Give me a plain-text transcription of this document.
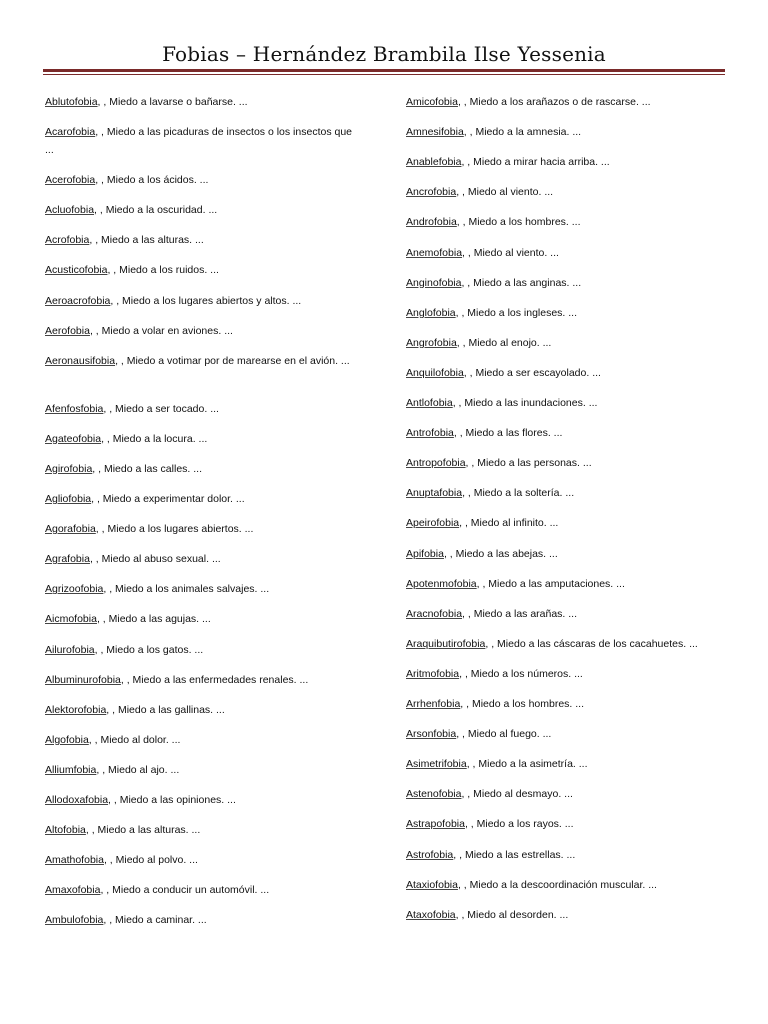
Fobias – Hernández Brambila Ilse Yessenia
Ablutofobia, , Miedo a lavarse o bañarse. ...
Acarofobia, , Miedo a las picaduras de insectos o los insectos que ...
Acerofobia, , Miedo a los ácidos. ...
Acluofobia, , Miedo a la oscuridad. ...
Acrofobia, , Miedo a las alturas. ...
Acusticofobia, , Miedo a los ruidos. ...
Aeroacrofobia, , Miedo a los lugares abiertos y altos. ...
Aerofobia, , Miedo a volar en aviones. ...
Aeronausifobia, , Miedo a votimar por de marearse en el avión. ...
Afenfosfobia, , Miedo a ser tocado. ...
Agateofobia, , Miedo a la locura. ...
Agirofobia, , Miedo a las calles. ...
Agliofobia, , Miedo a experimentar dolor. ...
Agorafobia, , Miedo a los lugares abiertos. ...
Agrafobia, , Miedo al abuso sexual. ...
Agrizoofobia, , Miedo a los animales salvajes. ...
Aicmofobia, , Miedo a las agujas. ...
Ailurofobia, , Miedo a los gatos. ...
Albuminurofobia, , Miedo a las enfermedades renales. ...
Alektorofobia, , Miedo a las gallinas. ...
Algofobia, , Miedo al dolor. ...
Alliumfobia, , Miedo al ajo. ...
Allodoxafobia, , Miedo a las opiniones. ...
Altofobia, , Miedo a las alturas. ...
Amathofobia, , Miedo al polvo. ...
Amaxofobia, , Miedo a conducir un automóvil. ...
Ambulofobia, , Miedo a caminar. ...
Amicofobia, , Miedo a los arañazos o de rascarse. ...
Amnesifobia, , Miedo a la amnesia. ...
Anablefobia, , Miedo a mirar hacia arriba. ...
Ancrofobia, , Miedo al viento. ...
Androfobia, , Miedo a los hombres. ...
Anemofobia, , Miedo al viento. ...
Anginofobia, , Miedo a las anginas. ...
Anglofobia, , Miedo a los ingleses. ...
Angrofobia, , Miedo al enojo. ...
Anquilofobia, , Miedo a ser escayolado. ...
Antlofobia, , Miedo a las inundaciones. ...
Antrofobia, , Miedo a las flores. ...
Antropofobia, , Miedo a las personas. ...
Anuptafobia, , Miedo a la soltería. ...
Apeirofobia, , Miedo al infinito. ...
Apifobia, , Miedo a las abejas. ...
Apotenmofobia, , Miedo a las amputaciones. ...
Aracnofobia, , Miedo a las arañas. ...
Araquibutirofobia, , Miedo a las cáscaras de los cacahuetes. ...
Aritmofobia, , Miedo a los números. ...
Arrhenfobia, , Miedo a los hombres. ...
Arsonfobia, , Miedo al fuego. ...
Asimetrifobia, , Miedo a la asimetría. ...
Astenofobia, , Miedo al desmayo. ...
Astrapofobia, , Miedo a los rayos. ...
Astrofobia, , Miedo a las estrellas. ...
Ataxiofobia, , Miedo a la descoordinación muscular. ...
Ataxofobia, , Miedo al desorden. ...
